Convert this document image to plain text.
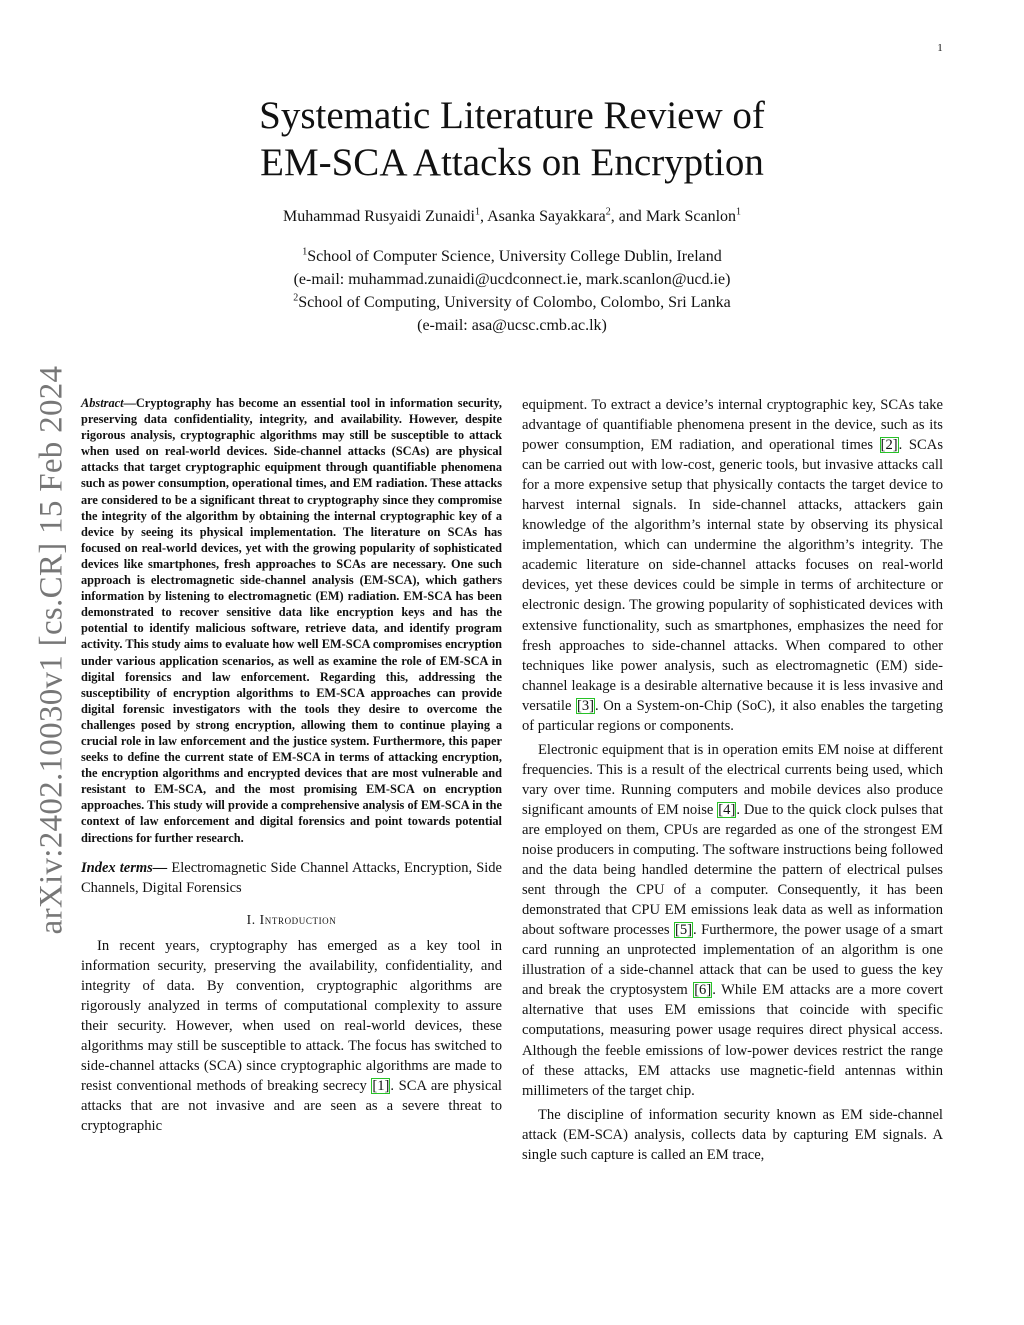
1
arXiv:2402.10030v1 [cs.CR] 15 Feb 2024
Systematic Literature Review of
EM-SCA Attacks on Encryption
Muhammad Rusyaidi Zunaidi$^1$, Asanka Sayakkara$^2$, and Mark Scanlon$^1$
$^1$School of Computer Science, University College Dublin, Ireland
(e-mail: muhammad.zunaidi@ucdconnect.ie, mark.scanlon@ucd.ie)
$^2$School of Computing, University of Colombo, Colombo, Sri Lanka
(e-mail: asa@ucsc.cmb.ac.lk)

Abstract—Cryptography has become an essential tool in information security, preserving data confidentiality, integrity, and availability. However, despite rigorous analysis, cryptographic algorithms may still be susceptible to attack when used on real-world devices. Side-channel attacks (SCAs) are physical attacks that target cryptographic equipment through quantifiable phenomena such as power consumption, operational times, and EM radiation. These attacks are considered to be a significant threat to cryptography since they compromise the integrity of the algorithm by obtaining the internal cryptographic key of a device by seeing its physical implementation. The literature on SCAs has focused on real-world devices, yet with the growing popularity of sophisticated devices like smartphones, fresh approaches to SCAs are necessary. One such approach is electromagnetic side-channel analysis (EM-SCA), which gathers information by listening to electromagnetic (EM) radiation. EM-SCA has been demonstrated to recover sensitive data like encryption keys and has the potential to identify malicious software, retrieve data, and identify program activity. This study aims to evaluate how well EM-SCA compromises encryption under various application scenarios, as well as examine the role of EM-SCA in digital forensics and law enforcement. Regarding this, addressing the susceptibility of encryption algorithms to EM-SCA approaches can provide digital forensic investigators with the tools they desire to overcome the challenges posed by strong encryption, allowing them to continue playing a crucial role in law enforcement and the justice system. Furthermore, this paper seeks to define the current state of EM-SCA in terms of attacking encryption, the encryption algorithms and encrypted devices that are most vulnerable and resistant to EM-SCA, and the most promising EM-SCA on encryption approaches. This study will provide a comprehensive analysis of EM-SCA in the context of law enforcement and digital forensics and point towards potential directions for further research.

Index terms— Electromagnetic Side Channel Attacks, Encryption, Side Channels, Digital Forensics

I. Introduction

In recent years, cryptography has emerged as a key tool in information security, preserving the availability, confidentiality, and integrity of data. By convention, cryptographic algorithms are rigorously analyzed in terms of computational complexity to assure their security. However, when used on real-world devices, these algorithms may still be susceptible to attack. The focus has switched to side-channel attacks (SCA) since cryptographic algorithms are made to resist conventional methods of breaking secrecy [1]. SCA are physical attacks that are not invasive and are seen as a severe threat to cryptographic

equipment. To extract a device’s internal cryptographic key, SCAs take advantage of quantifiable phenomena present in the device, such as its power consumption, EM radiation, and operational times [2]. SCAs can be carried out with low-cost, generic tools, but invasive attacks call for a more expensive setup that physically contacts the target device to harvest internal signals. In side-channel attacks, attackers gain knowledge of the algorithm’s internal state by observing its physical implementation, which can undermine the algorithm’s integrity. The academic literature on side-channel attacks focuses on real-world devices, yet these devices could be simple in terms of architecture or electronic design. The growing popularity of sophisticated devices with extensive functionality, such as smartphones, emphasizes the need for fresh approaches to side-channel attacks. When compared to other techniques like power analysis, such as electromagnetic (EM) side-channel leakage is a desirable alternative because it is less invasive and versatile [3]. On a System-on-Chip (SoC), it also enables the targeting of particular regions or components.

Electronic equipment that is in operation emits EM noise at different frequencies. This is a result of the electrical currents being used, which vary over time. Running computers and mobile devices also produce significant amounts of EM noise [4]. Due to the quick clock pulses that are employed on them, CPUs are regarded as one of the strongest EM noise producers in computing. The software instructions being followed and the data being handled determine the pattern of electrical pulses sent through the CPU of a computer. Consequently, it has been demonstrated that CPU EM emissions leak data as well as information about software processes [5]. Furthermore, the power usage of a smart card running an unprotected implementation of an algorithm is one illustration of a side-channel attack that can be used to guess the key and break the cryptosystem [6]. While EM attacks are a more covert alternative that uses EM emissions that coincide with specific computations, measuring power usage requires direct physical access. Although the feeble emissions of low-power devices restrict the range of these attacks, EM attacks use magnetic-field antennas within millimeters of the target chip.

The discipline of information security known as EM side-channel attack (EM-SCA) analysis, collects data by capturing EM signals. A single such capture is called an EM trace,
